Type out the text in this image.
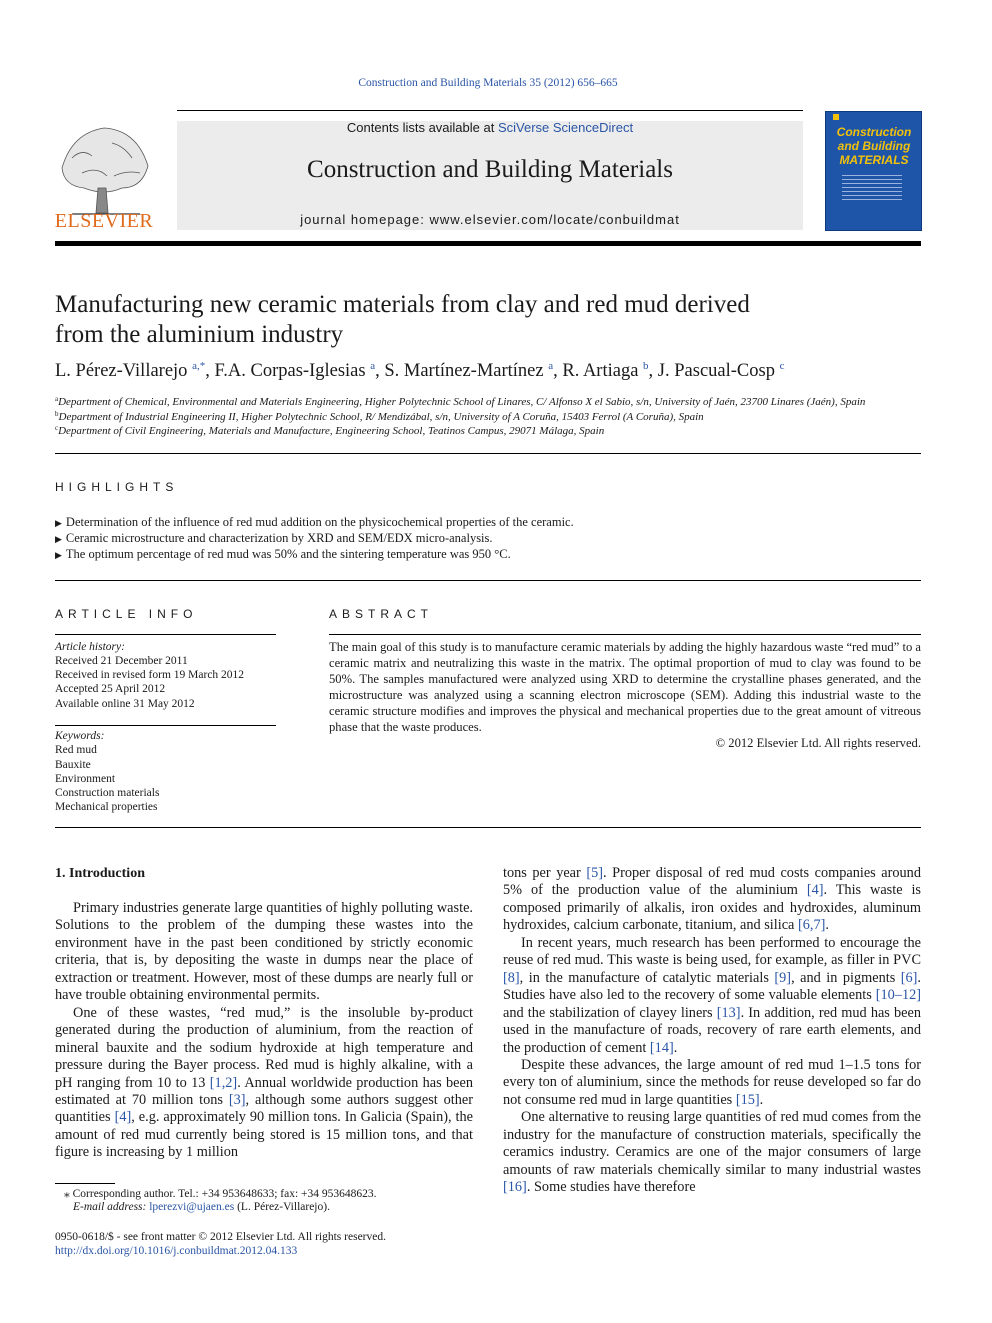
Construction and Building Materials 35 (2012) 656–665
ELSEVIER
Contents lists available at SciVerse ScienceDirect
Construction and Building Materials
journal homepage: www.elsevier.com/locate/conbuildmat
Construction
and Building
MATERIALS
Manufacturing new ceramic materials from clay and red mud derived
from the aluminium industry
L. Pérez-Villarejo $^{a,*}$, F.A. Corpas-Iglesias $^a$, S. Martínez-Martínez $^a$, R. Artiaga $^b$, J. Pascual-Cosp $^c$
$^a$Department of Chemical, Environmental and Materials Engineering, Higher Polytechnic School of Linares, C/ Alfonso X el Sabio, s/n, University of Jaén, 23700 Linares (Jaén), Spain
$^b$Department of Industrial Engineering II, Higher Polytechnic School, R/ Mendizábal, s/n, University of A Coruña, 15403 Ferrol (A Coruña), Spain
$^c$Department of Civil Engineering, Materials and Manufacture, Engineering School, Teatinos Campus, 29071 Málaga, Spain
HIGHLIGHTS
▶ Determination of the influence of red mud addition on the physicochemical properties of the ceramic.
▶ Ceramic microstructure and characterization by XRD and SEM/EDX micro-analysis.
▶ The optimum percentage of red mud was 50% and the sintering temperature was 950 °C.
ARTICLE INFO
Article history:
Received 21 December 2011
Received in revised form 19 March 2012
Accepted 25 April 2012
Available online 31 May 2012
Keywords:
Red mud
Bauxite
Environment
Construction materials
Mechanical properties
ABSTRACT
The main goal of this study is to manufacture ceramic materials by adding the highly hazardous waste “red mud” to a ceramic matrix and neutralizing this waste in the matrix. The optimal proportion of mud to clay was found to be 50%. The samples manufactured were analyzed using XRD to determine the crystalline phases generated, and the microstructure was analyzed using a scanning electron microscope (SEM). Adding this industrial waste to the ceramic structure modifies and improves the physical and mechanical properties due to the great amount of vitreous phase that the waste produces.
© 2012 Elsevier Ltd. All rights reserved.
1. Introduction

Primary industries generate large quantities of highly polluting waste. Solutions to the problem of the dumping these wastes into the environment have in the past been conditioned by strictly economic criteria, that is, by depositing the waste in dumps near the place of extraction or treatment. However, most of these dumps are nearly full or have trouble obtaining environmental permits.

One of these wastes, “red mud,” is the insoluble by-product generated during the production of aluminium, from the reaction of mineral bauxite and the sodium hydroxide at high temperature and pressure during the Bayer process. Red mud is highly alkaline, with a pH ranging from 10 to 13 [1,2]. Annual worldwide production has been estimated at 70 million tons [3], although some authors suggest other quantities [4], e.g. approximately 90 million tons. In Galicia (Spain), the amount of red mud currently being stored is 15 million tons, and that figure is increasing by 1 million

tons per year [5]. Proper disposal of red mud costs companies around 5% of the production value of the aluminium [4]. This waste is composed primarily of alkalis, iron oxides and hydroxides, aluminum hydroxides, calcium carbonate, titanium, and silica [6,7].

In recent years, much research has been performed to encourage the reuse of red mud. This waste is being used, for example, as filler in PVC [8], in the manufacture of catalytic materials [9], and in pigments [6]. Studies have also led to the recovery of some valuable elements [10–12] and the stabilization of clayey liners [13]. In addition, red mud has been used in the manufacture of roads, recovery of rare earth elements, and the production of cement [14].

Despite these advances, the large amount of red mud 1–1.5 tons for every ton of aluminium, since the methods for reuse developed so far do not consume red mud in large quantities [15].

One alternative to reusing large quantities of red mud comes from the industry for the manufacture of construction materials, specifically the ceramics industry. Ceramics are one of the major consumers of large amounts of raw materials chemically similar to many industrial wastes [16]. Some studies have therefore

⁎ Corresponding author. Tel.: +34 953648633; fax: +34 953648623.
E-mail address: lperezvi@ujaen.es (L. Pérez-Villarejo).
0950-0618/$ - see front matter © 2012 Elsevier Ltd. All rights reserved.
http://dx.doi.org/10.1016/j.conbuildmat.2012.04.133
